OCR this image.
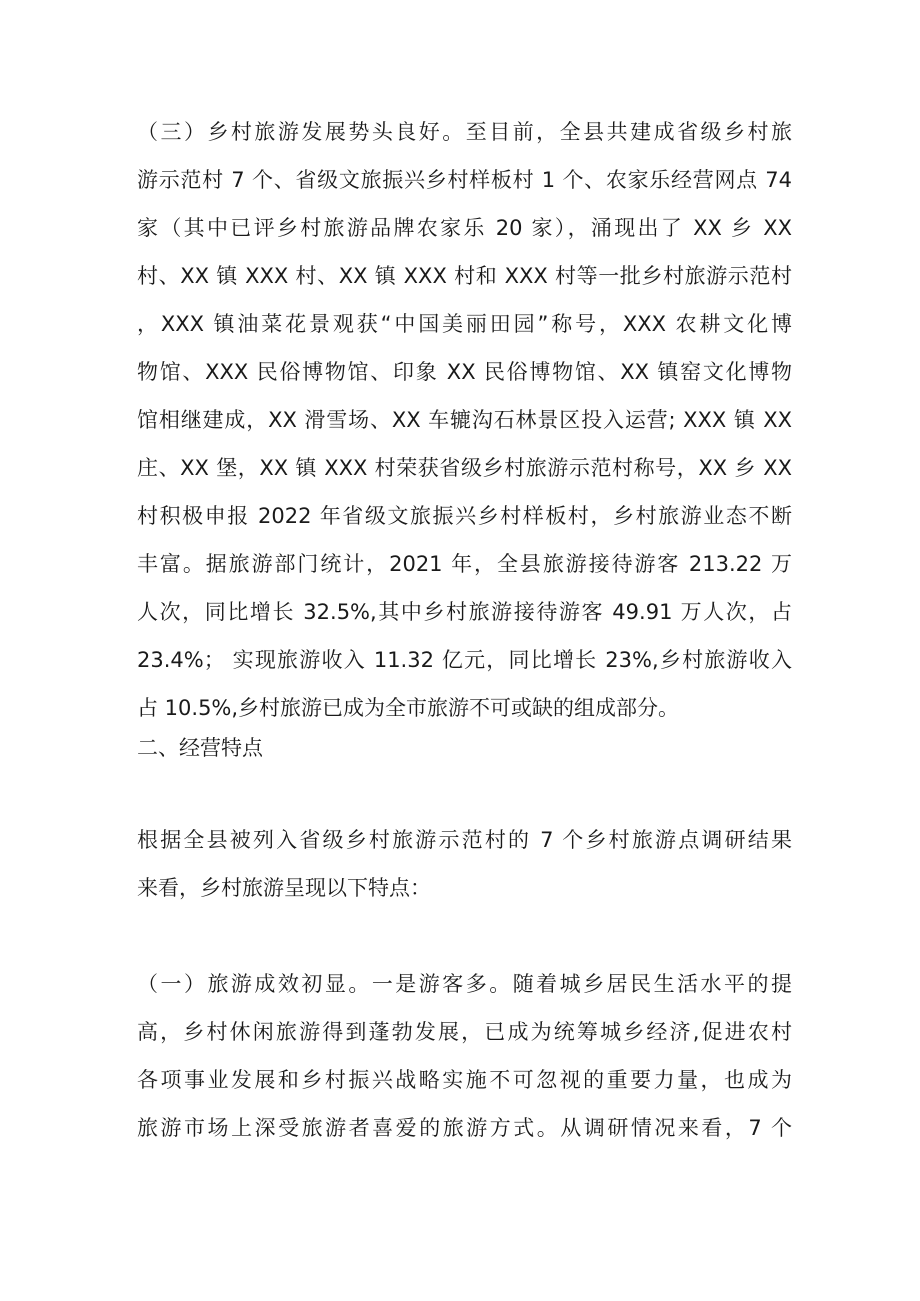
（三）乡村旅游发展势头良好。至目前，全县共建成省级乡村旅
游示范村 7 个、省级文旅振兴乡村样板村 1 个、农家乐经营网点 74
家（其中已评乡村旅游品牌农家乐 20 家），涌现出了 XX 乡 XX
村、XX 镇 XXX 村、XX 镇 XXX 村和 XXX 村等一批乡村旅游示范村
，XXX 镇油菜花景观获“中国美丽田园”称号，XXX 农耕文化博
物馆、XXX 民俗博物馆、印象 XX 民俗博物馆、XX 镇窑文化博物
馆相继建成，XX 滑雪场、XX 车辘沟石林景区投入运营; XXX 镇 XX
庄、XX 堡，XX 镇 XXX 村荣获省级乡村旅游示范村称号，XX 乡 XX
村积极申报 2022 年省级文旅振兴乡村样板村，乡村旅游业态不断
丰富。据旅游部门统计，2021 年，全县旅游接待游客 213.22 万
人次，同比增长 32.5%,其中乡村旅游接待游客 49.91 万人次，占
23.4%； 实现旅游收入 11.32 亿元，同比增长 23%,乡村旅游收入
占 10.5%,乡村旅游已成为全市旅游不可或缺的组成部分。
二、经营特点
根据全县被列入省级乡村旅游示范村的 7 个乡村旅游点调研结果
来看，乡村旅游呈现以下特点：
（一）旅游成效初显。一是游客多。随着城乡居民生活水平的提
高，乡村休闲旅游得到蓬勃发展，已成为统筹城乡经济,促进农村
各项事业发展和乡村振兴战略实施不可忽视的重要力量，也成为
旅游市场上深受旅游者喜爱的旅游方式。从调研情况来看，7 个
